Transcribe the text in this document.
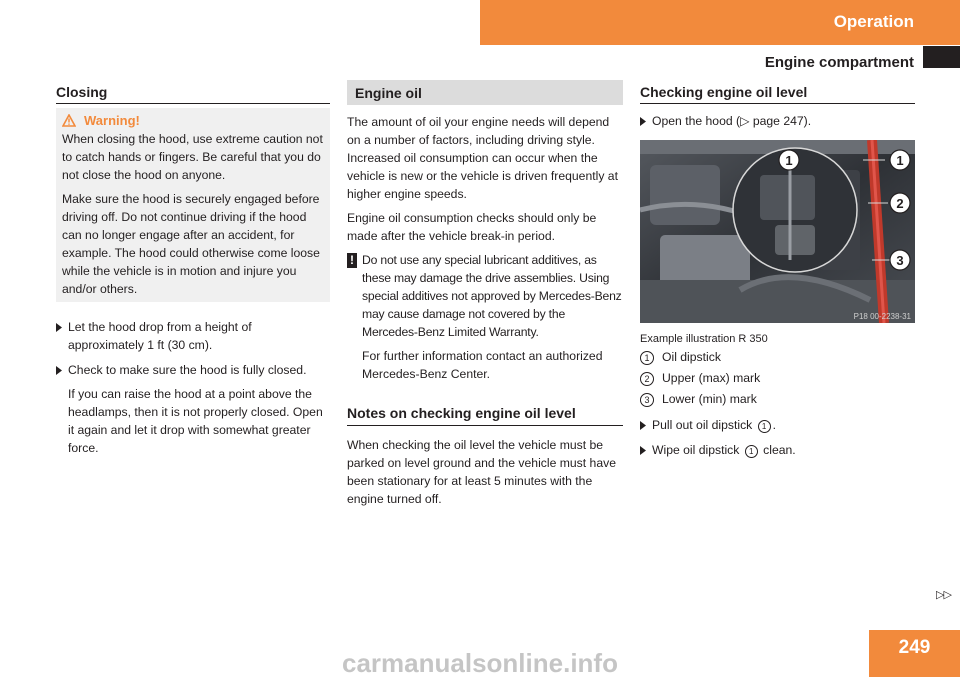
Operation
Engine compartment
Closing
Warning!

When closing the hood, use extreme caution not to catch hands or fingers. Be careful that you do not close the hood on anyone.

Make sure the hood is securely engaged before driving off. Do not continue driving if the hood can no longer engage after an accident, for example. The hood could otherwise come loose while the vehicle is in motion and injure you and/or others.

Let the hood drop from a height of approximately 1 ft (30 cm).

Check to make sure the hood is fully closed.

If you can raise the hood at a point above the headlamps, then it is not properly closed. Open it again and let it drop with somewhat greater force.

Engine oil

The amount of oil your engine needs will depend on a number of factors, including driving style. Increased oil consumption can occur when the vehicle is new or the vehicle is driven frequently at higher engine speeds.

Engine oil consumption checks should only be made after the vehicle break-in period.

! Do not use any special lubricant additives, as these may damage the drive assemblies. Using special additives not approved by Mercedes-Benz may cause damage not covered by the Mercedes-Benz Limited Warranty.

For further information contact an authorized Mercedes-Benz Center.

Notes on checking engine oil level

When checking the oil level the vehicle must be parked on level ground and the vehicle must have been stationary for at least 5 minutes with the engine turned off.

Checking engine oil level

Open the hood (▷ page 247).

1	1
2
3
P18 00-2238-31
Example illustration R 350
1	Oil dipstick
2	Upper (max) mark
3	Lower (min) mark

Pull out oil dipstick 1 .

Wipe oil dipstick 1 clean.

▷▷
249
carmanualsonline.info
